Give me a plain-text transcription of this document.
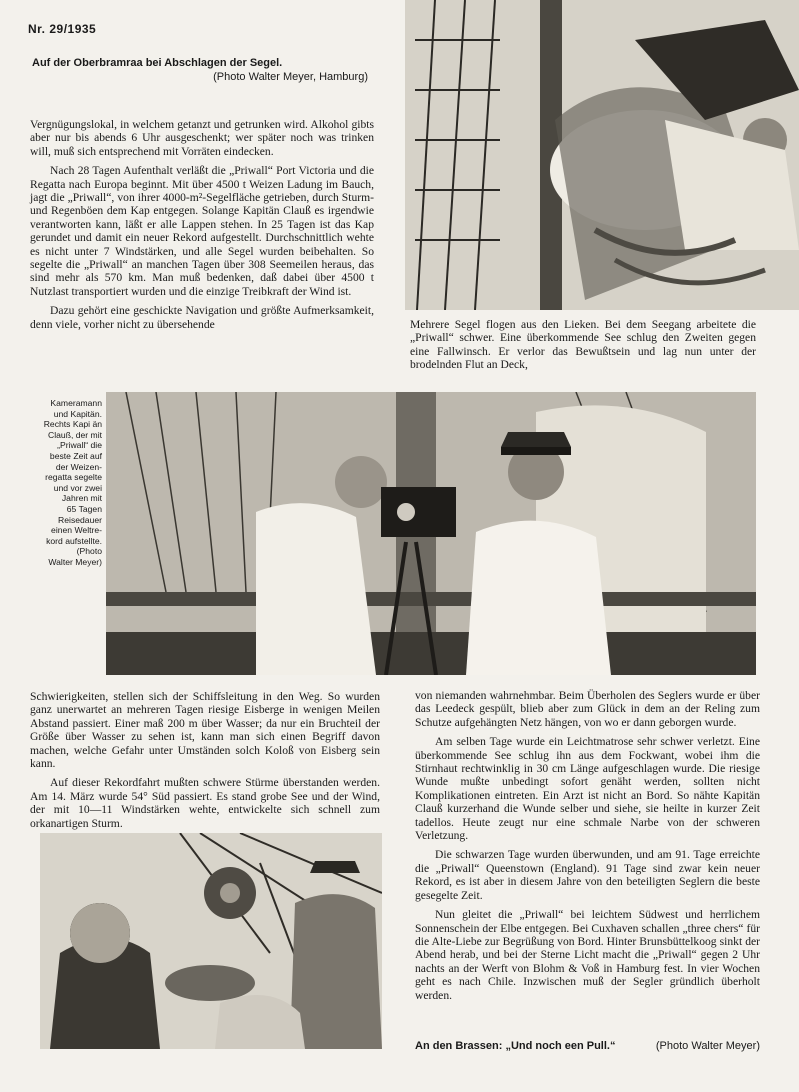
Nr. 29/1935
Auf der Oberbramraa bei Abschlagen der Segel.
(Photo Walter Meyer, Hamburg)

Vergnügungslokal, in welchem getanzt und getrunken wird. Alkohol gibts aber nur bis abends 6 Uhr ausgeschenkt; wer später noch was trinken will, muß sich entsprechend mit Vorräten eindecken.

Nach 28 Tagen Aufenthalt verläßt die „Priwall“ Port Victoria und die Regatta nach Europa beginnt. Mit über 4500 t Weizen Ladung im Bauch, jagt die „Priwall“, von ihrer 4000-m²-Segelfläche getrieben, durch Sturm- und Regenböen dem Kap entgegen. Solange Kapitän Clauß es irgendwie verantworten kann, läßt er alle Lappen stehen. In 25 Tagen ist das Kap gerundet und damit ein neuer Rekord aufgestellt. Durchschnittlich wehte es nicht unter 7 Windstärken, und alle Segel wurden beibehalten. So segelte die „Priwall“ an manchen Tagen über 308 Seemeilen heraus, das sind mehr als 570 km. Man muß bedenken, daß dabei über 4500 t Nutzlast transportiert wurden und die einzige Treibkraft der Wind ist.

Dazu gehört eine geschickte Navigation und größte Aufmerksamkeit, denn viele, vorher nicht zu übersehende	Mehrere Segel flogen aus den Lieken. Bei dem Seegang arbeitete die „Priwall“ schwer. Eine überkommende See schlug den Zweiten gegen eine Fallwinsch. Er verlor das Bewußtsein und lag nun unter der brodelnden Flut an Deck,

Kameramann
und Kapitän.
Rechts Kapi än
Clauß, der mit
„Priwall“ die
beste Zeit auf
der Weizen-
regatta segelte
und vor zwei
Jahren mit
65 Tagen
Reisedauer
einen Weltre-
kord aufstellte.
(Photo
Walter Meyer)

Schwierigkeiten, stellen sich der Schiffsleitung in den Weg. So wurden ganz unerwartet an mehreren Tagen riesige Eisberge in wenigen Meilen Abstand passiert. Einer maß 200 m über Wasser; da nur ein Bruchteil der Größe über Wasser zu sehen ist, kann man sich einen Begriff davon machen, welche Gefahr unter Umständen solch Koloß von Eisberg sein kann.

Auf dieser Rekordfahrt mußten schwere Stürme überstanden werden. Am 14. März wurde 54° Süd passiert. Es stand grobe See und der Wind, der mit 10—11 Windstärken wehte, entwickelte sich schnell zum orkanartigen Sturm.

von niemanden wahrnehmbar. Beim Überholen des Seglers wurde er über das Leedeck gespült, blieb aber zum Glück in dem an der Reling zum Schutze aufgehängten Netz hängen, von wo er dann geborgen wurde.

Am selben Tage wurde ein Leichtmatrose sehr schwer verletzt. Eine überkommende See schlug ihn aus dem Fockwant, wobei ihm die Stirnhaut rechtwinklig in 30 cm Länge aufgeschlagen wurde. Die riesige Wunde mußte unbedingt sofort genäht werden, sollten nicht Komplikationen eintreten. Ein Arzt ist nicht an Bord. So nähte Kapitän Clauß kurzerhand die Wunde selber und siehe, sie heilte in kurzer Zeit tadellos. Heute zeugt nur eine schmale Narbe von der schweren Verletzung.

Die schwarzen Tage wurden überwunden, und am 91. Tage erreichte die „Priwall“ Queenstown (England). 91 Tage sind zwar kein neuer Rekord, es ist aber in diesem Jahre von den beteiligten Seglern die beste gesegelte Zeit.

Nun gleitet die „Priwall“ bei leichtem Südwest und herrlichem Sonnenschein der Elbe entgegen. Bei Cuxhaven schallen „three chers“ für die Alte-Liebe zur Begrüßung von Bord. Hinter Brunsbüttelkoog sinkt der Abend herab, und bei der Sterne Licht macht die „Priwall“ gegen 2 Uhr nachts an der Werft von Blohm & Voß in Hamburg fest. In vier Wochen geht es nach Chile. Inzwischen muß der Segler gründlich überholt werden.

An den Brassen: „Und noch een Pull.“	(Photo Walter Meyer)
